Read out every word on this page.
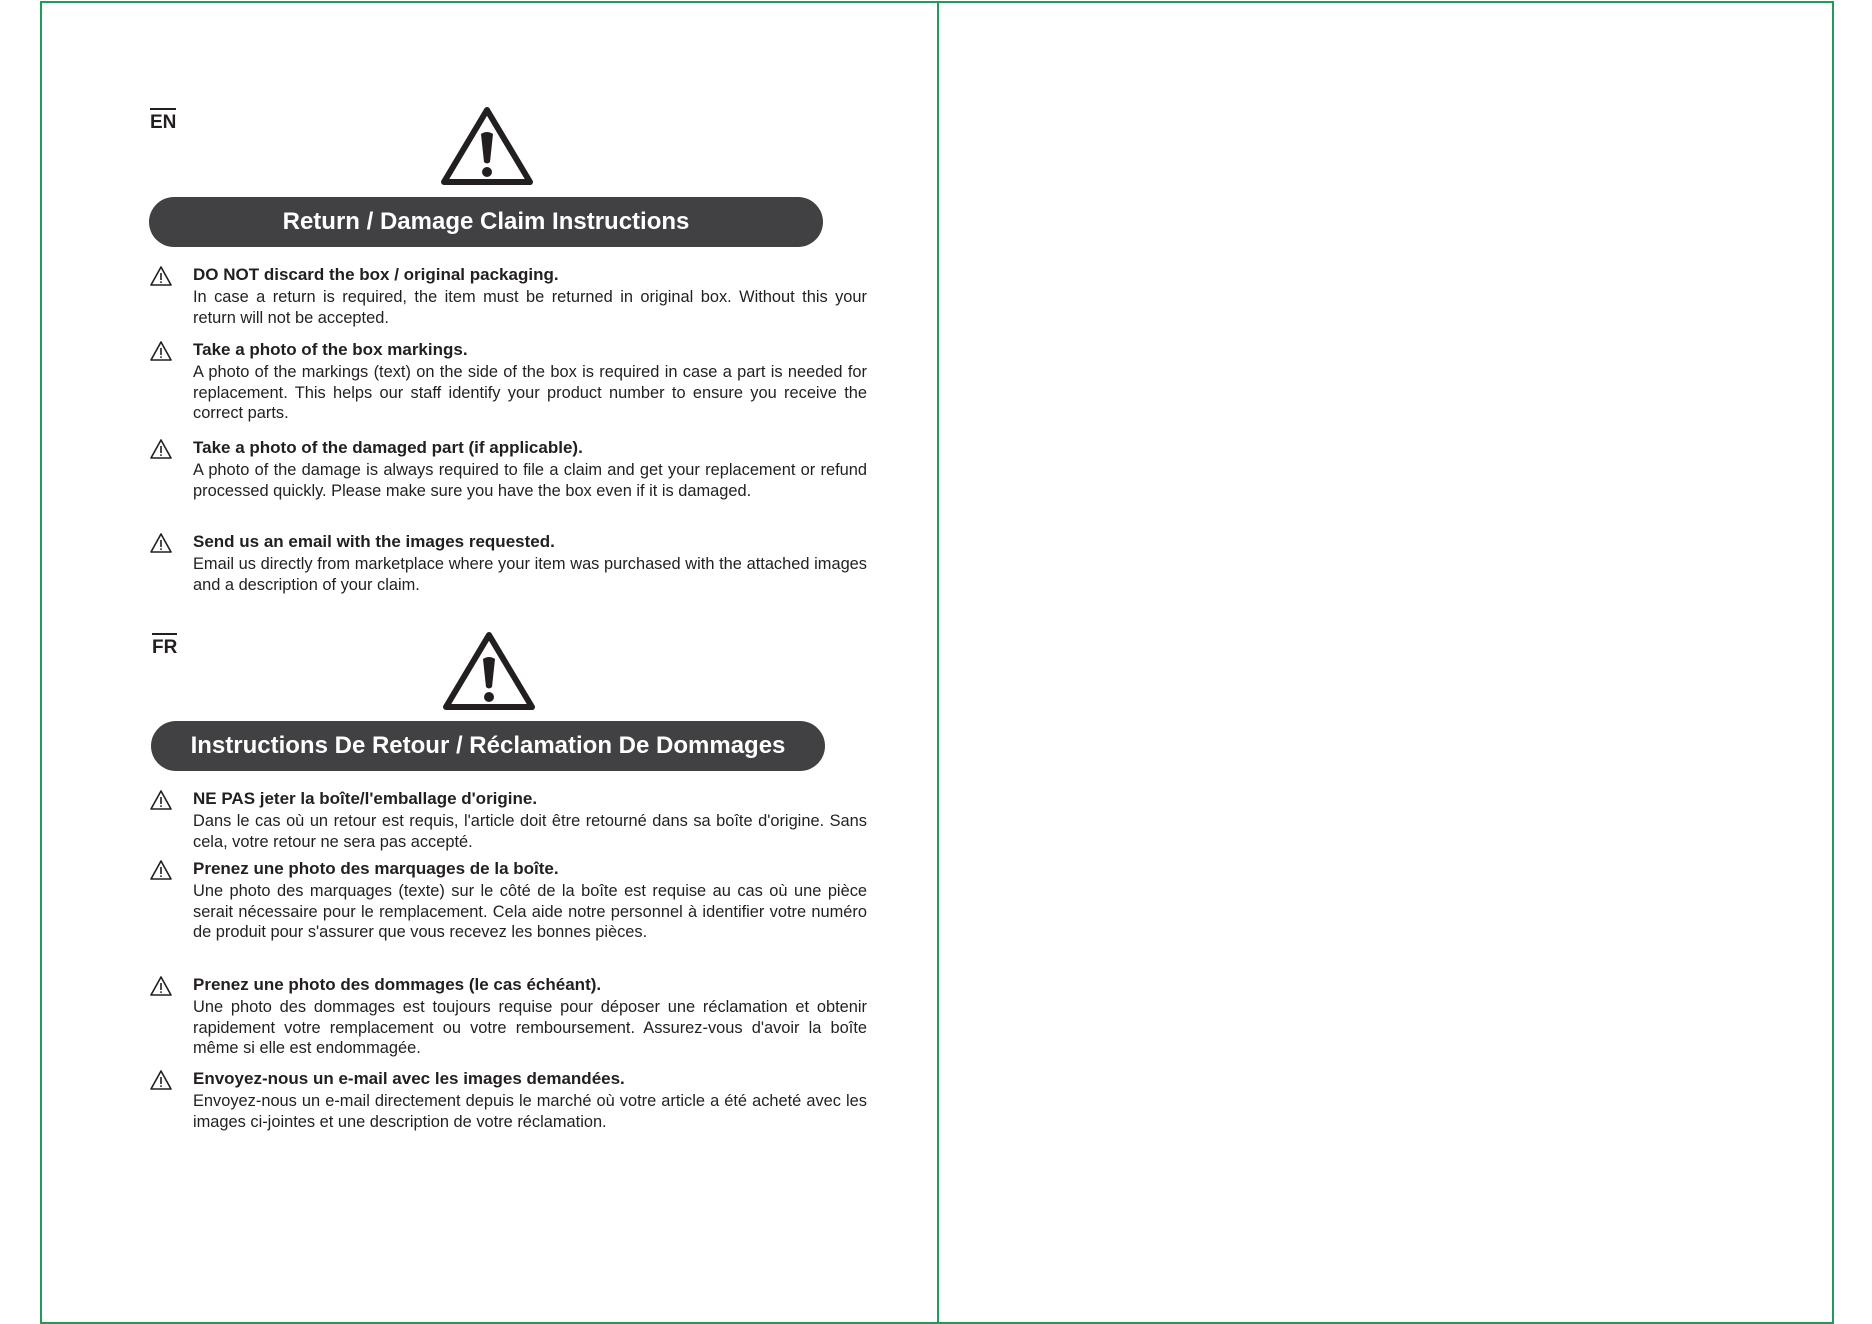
EN
Return / Damage Claim Instructions
DO NOT discard the box / original packaging.
In case a return is required, the item must be returned in original box. Without this your return will not be accepted.
Take a photo of the box markings.
A photo of the markings (text) on the side of the box is required in case a part is needed for replacement. This helps our staff identify your product number to ensure you receive the correct parts.
Take a photo of the damaged part (if applicable).
A photo of the damage is always required to file a claim and get your replacement or refund processed quickly. Please make sure you have the box even if it is damaged.
Send us an email with the images requested.
Email us directly from marketplace where your item was purchased with the attached images and a description of your claim.
FR
Instructions De Retour / Réclamation De Dommages
NE PAS jeter la boîte/l'emballage d'origine.
Dans le cas où un retour est requis, l'article doit être retourné dans sa boîte d'origine. Sans cela, votre retour ne sera pas accepté.
Prenez une photo des marquages de la boîte.
Une photo des marquages (texte) sur le côté de la boîte est requise au cas où une pièce serait nécessaire pour le remplacement. Cela aide notre personnel à identifier votre numéro de produit pour s'assurer que vous recevez les bonnes pièces.
Prenez une photo des dommages (le cas échéant).
Une photo des dommages est toujours requise pour déposer une réclamation et obtenir rapidement votre remplacement ou votre remboursement. Assurez-vous d'avoir la boîte même si elle est endommagée.
Envoyez-nous un e-mail avec les images demandées.
Envoyez-nous un e-mail directement depuis le marché où votre article a été acheté avec les images ci-jointes et une description de votre réclamation.
